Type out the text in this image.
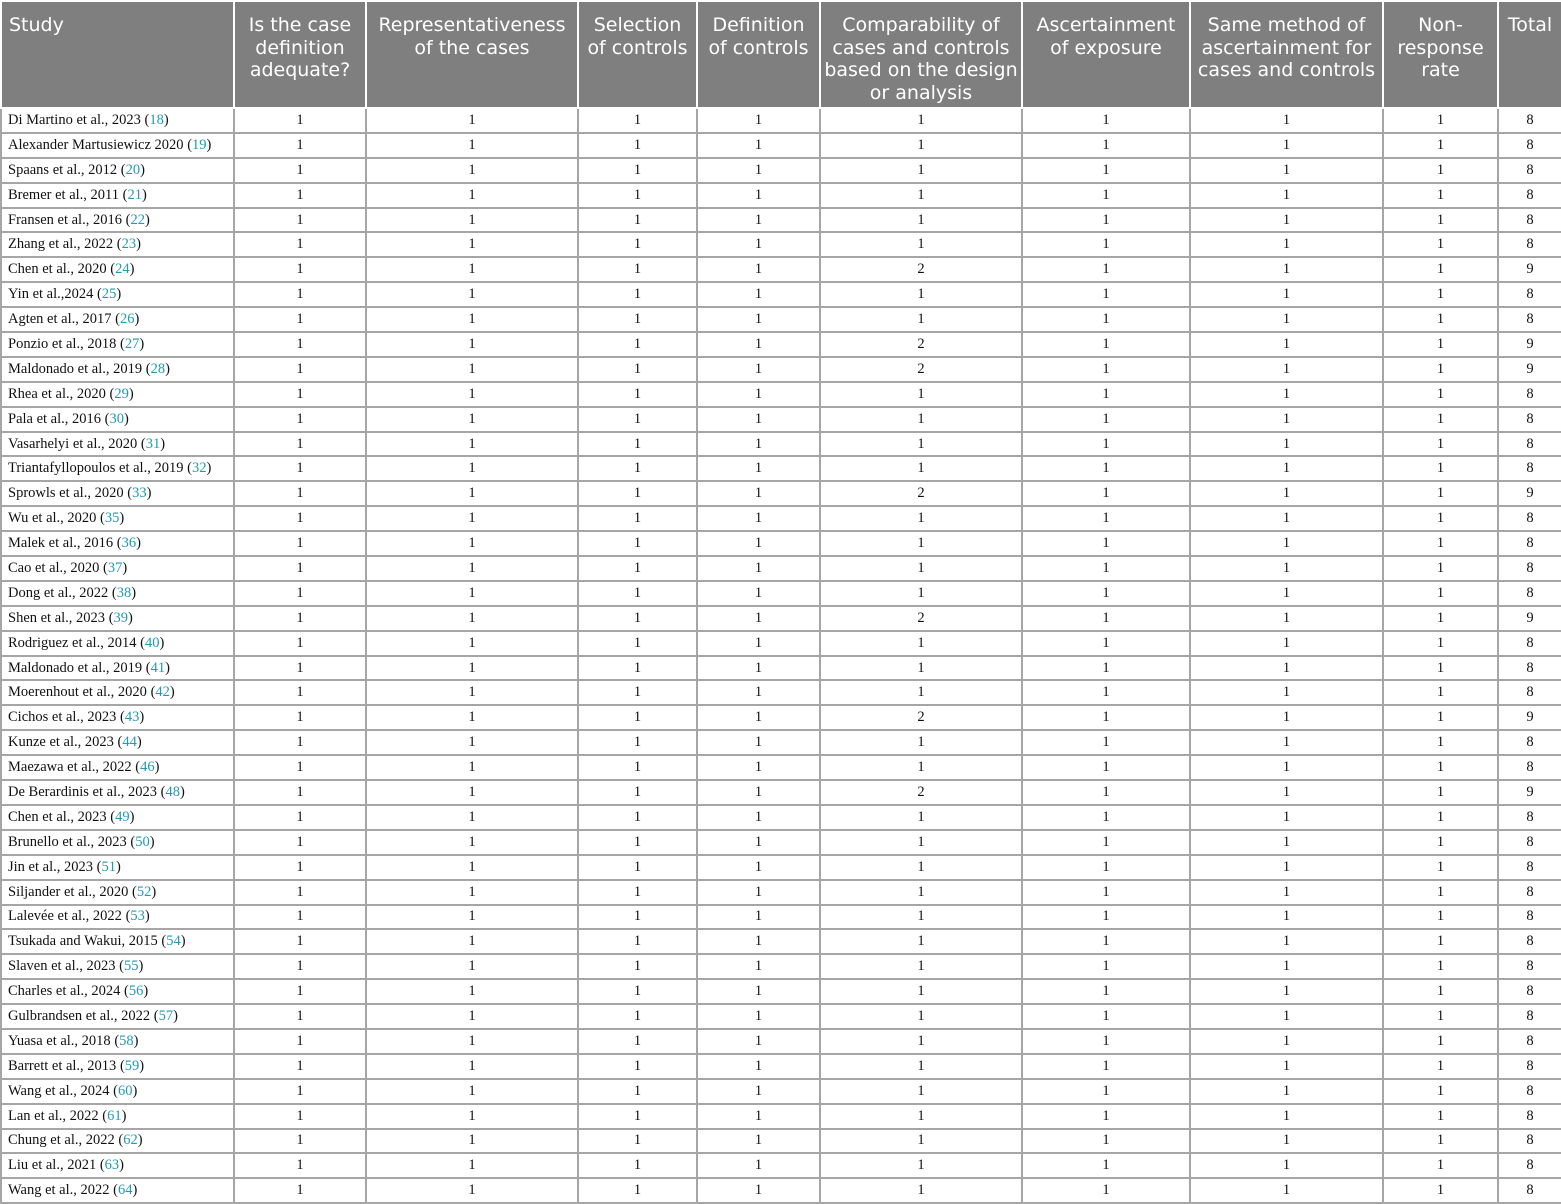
Study	Is the case definition adequate?	Representativeness of the cases	Selection of controls	Definition of controls	Comparability of cases and controls based on the design or analysis	Ascertainment of exposure	Same method of ascertainment for cases and controls	Non-response rate	Total
Di Martino et al., 2023 (18)	1	1	1	1	1	1	1	1	8
Alexander Martusiewicz 2020 (19)	1	1	1	1	1	1	1	1	8
Spaans et al., 2012 (20)	1	1	1	1	1	1	1	1	8
Bremer et al., 2011 (21)	1	1	1	1	1	1	1	1	8
Fransen et al., 2016 (22)	1	1	1	1	1	1	1	1	8
Zhang et al., 2022 (23)	1	1	1	1	1	1	1	1	8
Chen et al., 2020 (24)	1	1	1	1	2	1	1	1	9
Yin et al.,2024 (25)	1	1	1	1	1	1	1	1	8
Agten et al., 2017 (26)	1	1	1	1	1	1	1	1	8
Ponzio et al., 2018 (27)	1	1	1	1	2	1	1	1	9
Maldonado et al., 2019 (28)	1	1	1	1	2	1	1	1	9
Rhea et al., 2020 (29)	1	1	1	1	1	1	1	1	8
Pala et al., 2016 (30)	1	1	1	1	1	1	1	1	8
Vasarhelyi et al., 2020 (31)	1	1	1	1	1	1	1	1	8
Triantafyllopoulos et al., 2019 (32)	1	1	1	1	1	1	1	1	8
Sprowls et al., 2020 (33)	1	1	1	1	2	1	1	1	9
Wu et al., 2020 (35)	1	1	1	1	1	1	1	1	8
Malek et al., 2016 (36)	1	1	1	1	1	1	1	1	8
Cao et al., 2020 (37)	1	1	1	1	1	1	1	1	8
Dong et al., 2022 (38)	1	1	1	1	1	1	1	1	8
Shen et al., 2023 (39)	1	1	1	1	2	1	1	1	9
Rodriguez et al., 2014 (40)	1	1	1	1	1	1	1	1	8
Maldonado et al., 2019 (41)	1	1	1	1	1	1	1	1	8
Moerenhout et al., 2020 (42)	1	1	1	1	1	1	1	1	8
Cichos et al., 2023 (43)	1	1	1	1	2	1	1	1	9
Kunze et al., 2023 (44)	1	1	1	1	1	1	1	1	8
Maezawa et al., 2022 (46)	1	1	1	1	1	1	1	1	8
De Berardinis et al., 2023 (48)	1	1	1	1	2	1	1	1	9
Chen et al., 2023 (49)	1	1	1	1	1	1	1	1	8
Brunello et al., 2023 (50)	1	1	1	1	1	1	1	1	8
Jin et al., 2023 (51)	1	1	1	1	1	1	1	1	8
Siljander et al., 2020 (52)	1	1	1	1	1	1	1	1	8
Lalevée et al., 2022 (53)	1	1	1	1	1	1	1	1	8
Tsukada and Wakui, 2015 (54)	1	1	1	1	1	1	1	1	8
Slaven et al., 2023 (55)	1	1	1	1	1	1	1	1	8
Charles et al., 2024 (56)	1	1	1	1	1	1	1	1	8
Gulbrandsen et al., 2022 (57)	1	1	1	1	1	1	1	1	8
Yuasa et al., 2018 (58)	1	1	1	1	1	1	1	1	8
Barrett et al., 2013 (59)	1	1	1	1	1	1	1	1	8
Wang et al., 2024 (60)	1	1	1	1	1	1	1	1	8
Lan et al., 2022 (61)	1	1	1	1	1	1	1	1	8
Chung et al., 2022 (62)	1	1	1	1	1	1	1	1	8
Liu et al., 2021 (63)	1	1	1	1	1	1	1	1	8
Wang et al., 2022 (64)	1	1	1	1	1	1	1	1	8
